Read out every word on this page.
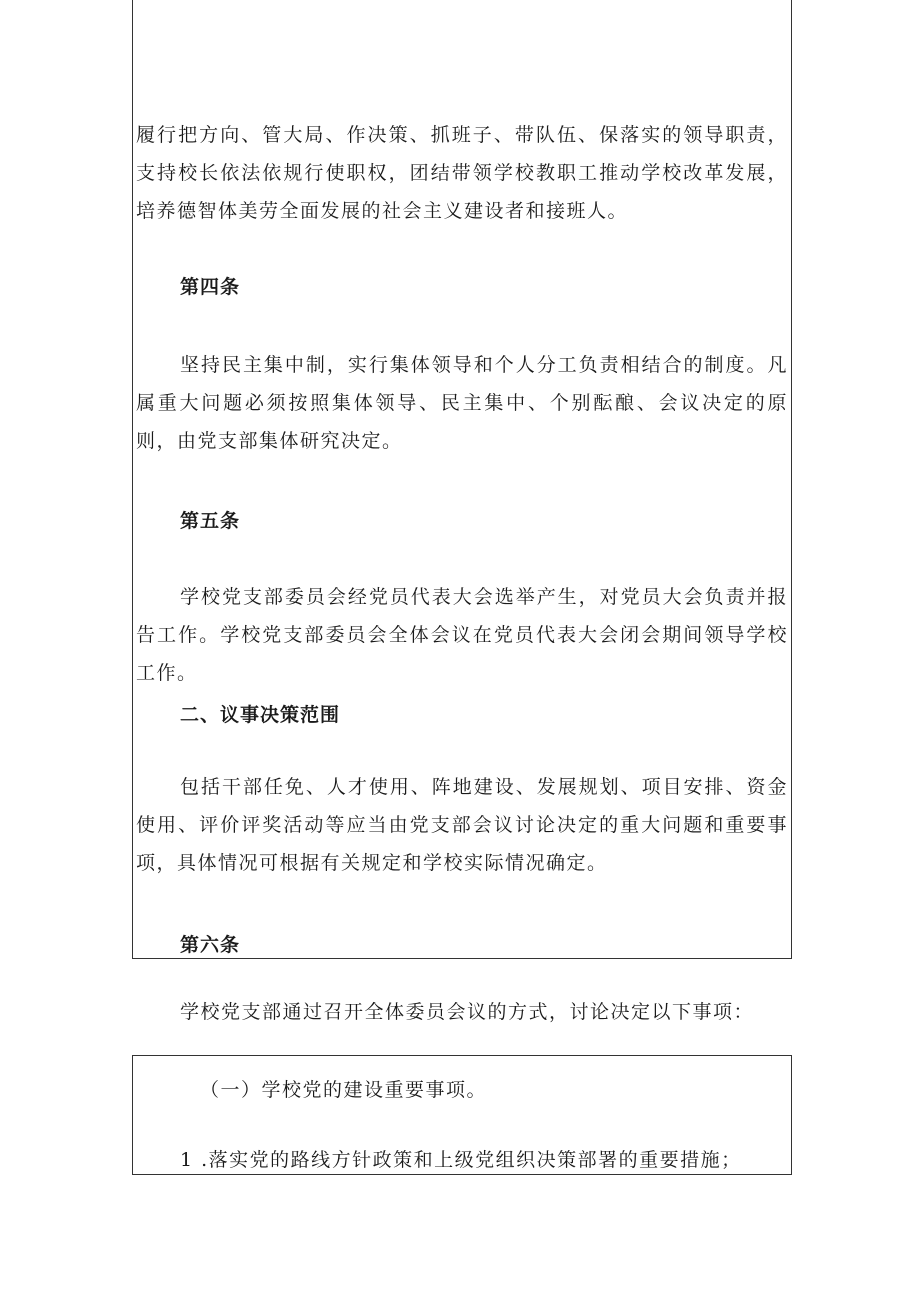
履行把方向、管大局、作决策、抓班子、带队伍、保落实的领导职责，支持校长依法依规行使职权，团结带领学校教职工推动学校改革发展，培养德智体美劳全面发展的社会主义建设者和接班人。

第四条

坚持民主集中制，实行集体领导和个人分工负责相结合的制度。凡属重大问题必须按照集体领导、民主集中、个别酝酿、会议决定的原则，由党支部集体研究决定。

第五条

学校党支部委员会经党员代表大会选举产生，对党员大会负责并报告工作。学校党支部委员会全体会议在党员代表大会闭会期间领导学校工作。

二、议事决策范围

包括干部任免、人才使用、阵地建设、发展规划、项目安排、资金使用、评价评奖活动等应当由党支部会议讨论决定的重大问题和重要事项，具体情况可根据有关规定和学校实际情况确定。

第六条

学校党支部通过召开全体委员会议的方式，讨论决定以下事项：

（一）学校党的建设重要事项。

1 .落实党的路线方针政策和上级党组织决策部署的重要措施；
